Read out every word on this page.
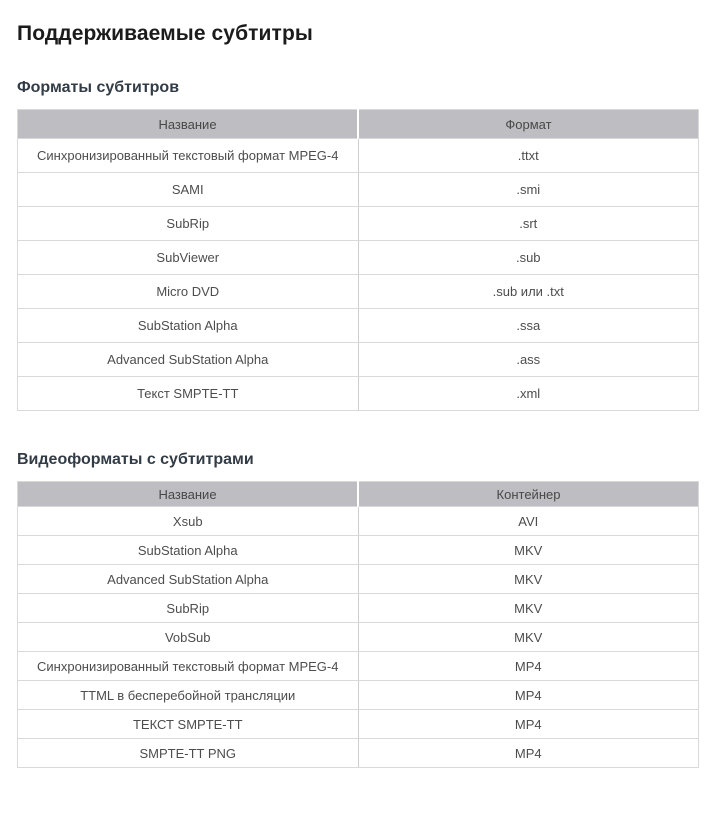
Поддерживаемые субтитры
Форматы субтитров
Название	Формат
Синхронизированный текстовый формат MPEG-4	.ttxt
SAMI	.smi
SubRip	.srt
SubViewer	.sub
Micro DVD	.sub или .txt
SubStation Alpha	.ssa
Advanced SubStation Alpha	.ass
Текст SMPTE-TT	.xml
Видеоформаты с субтитрами
Название	Контейнер
Xsub	AVI
SubStation Alpha	MKV
Advanced SubStation Alpha	MKV
SubRip	MKV
VobSub	MKV
Синхронизированный текстовый формат MPEG-4	MP4
TTML в бесперебойной трансляции	MP4
ТЕКСТ SMPTE-TT	MP4
SMPTE-TT PNG	MP4
